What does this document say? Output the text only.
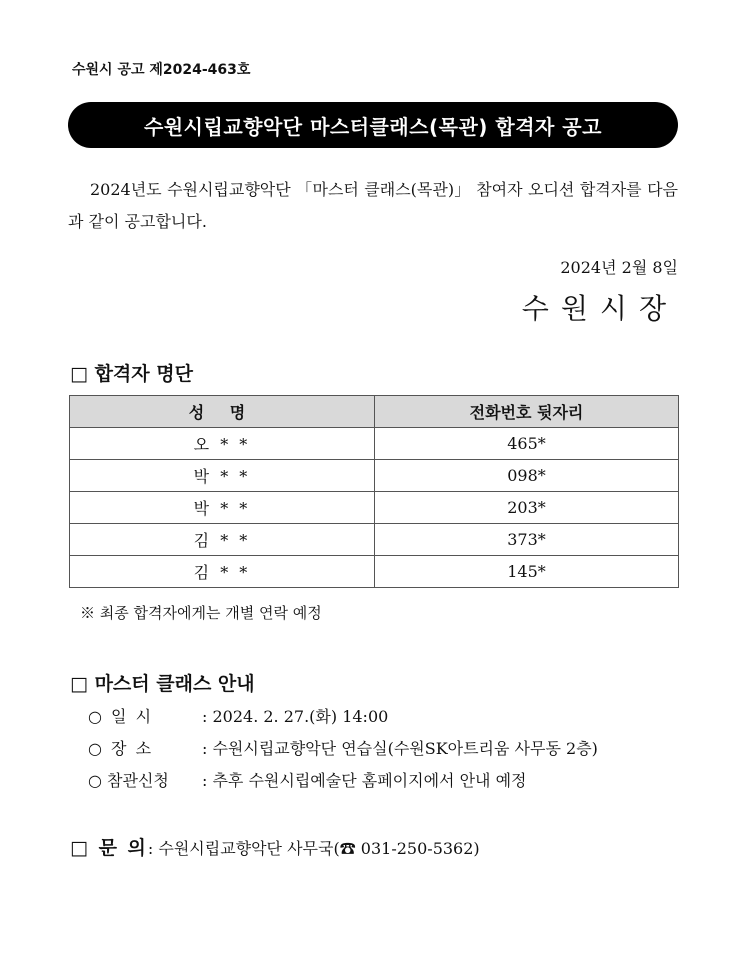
수원시 공고 제2024-463호
수원시립교향악단 마스터클래스(목관) 합격자 공고
2024년도 수원시립교향악단 「마스터 클래스(목관)」 참여자 오디션 합격자를 다음과 같이 공고합니다.
2024년 2월 8일
수원시장
□ 합격자 명단
성 명	전화번호 뒷자리
오 * *	465*
박 * *	098*
박 * *	203*
김 * *	373*
김 * *	145*
※ 최종 합격자에게는 개별 연락 예정
□ 마스터 클래스 안내
○ 일 시	: 2024. 2. 27.(화) 14:00
○ 장 소	: 수원시립교향악단 연습실(수원SK아트리움 사무동 2층)
○ 참관신청 : 추후 수원시립예술단 홈페이지에서 안내 예정
□ 문 의: 수원시립교향악단 사무국(☎ 031-250-5362)
